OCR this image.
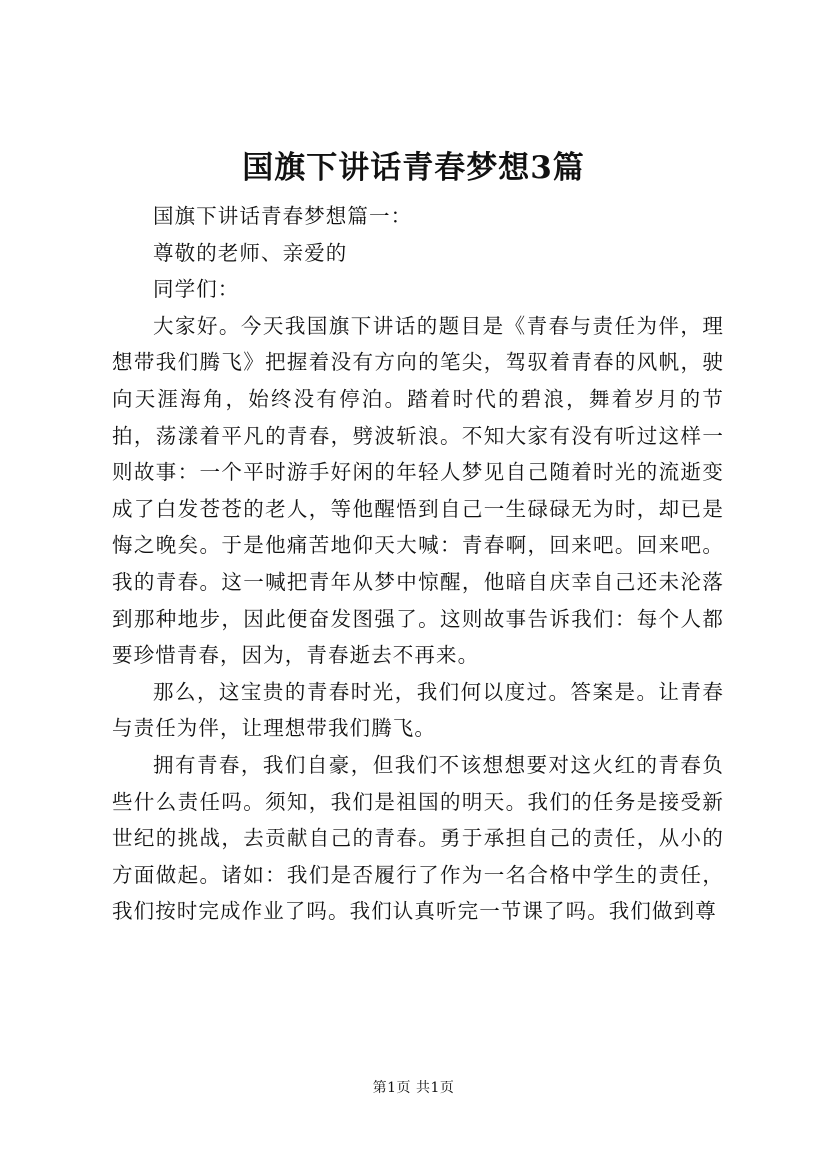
国旗下讲话青春梦想3篇

国旗下讲话青春梦想篇一：

尊敬的老师、亲爱的

同学们：

大家好。今天我国旗下讲话的题目是《青春与责任为伴，理想带我们腾飞》把握着没有方向的笔尖，驾驭着青春的风帆，驶向天涯海角，始终没有停泊。踏着时代的碧浪，舞着岁月的节拍，荡漾着平凡的青春，劈波斩浪。不知大家有没有听过这样一则故事：一个平时游手好闲的年轻人梦见自己随着时光的流逝变成了白发苍苍的老人，等他醒悟到自己一生碌碌无为时，却已是悔之晚矣。于是他痛苦地仰天大喊：青春啊，回来吧。回来吧。我的青春。这一喊把青年从梦中惊醒，他暗自庆幸自己还未沦落到那种地步，因此便奋发图强了。这则故事告诉我们：每个人都要珍惜青春，因为，青春逝去不再来。

那么，这宝贵的青春时光，我们何以度过。答案是。让青春与责任为伴，让理想带我们腾飞。

拥有青春，我们自豪，但我们不该想想要对这火红的青春负些什么责任吗。须知，我们是祖国的明天。我们的任务是接受新世纪的挑战，去贡献自己的青春。勇于承担自己的责任，从小的方面做起。诸如：我们是否履行了作为一名合格中学生的责任，我们按时完成作业了吗。我们认真听完一节课了吗。我们做到尊

第1页 共1页
